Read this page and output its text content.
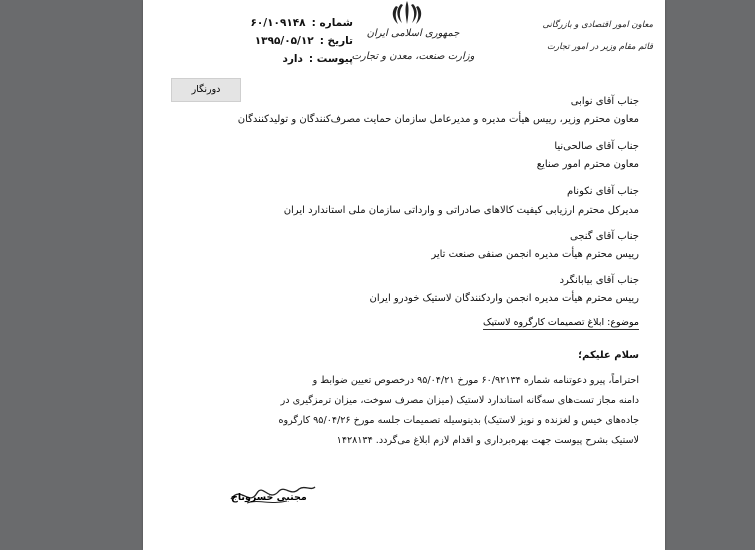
شماره :
۶۰/۱۰۹۱۴۸
تاریخ :
۱۳۹۵/۰۵/۱۲
پیوست :
دارد
جمهوری اسلامی ایران
وزارت صنعت، معدن و تجارت
معاون امور اقتصادی و بازرگانی
قائم مقام وزیر در امور تجارت
دورنگار
جناب آقای نوابی
معاون محترم وزیر، رییس هیأت مدیره و مدیرعامل سازمان حمایت مصرف‌کنندگان و تولیدکنندگان
جناب آقای صالحی‌نیا
معاون محترم امور صنایع
جناب آقای نکونام
مدیرکل محترم ارزیابی کیفیت کالاهای صادراتی و وارداتی سازمان ملی استاندارد ایران
جناب آقای گنجی
رییس محترم هیأت مدیره انجمن صنفی صنعت تایر
جناب آقای بیابانگرد
رییس محترم هیأت مدیره انجمن واردکنندگان لاستیک خودرو ایران
موضوع: ابلاغ تصمیمات کارگروه لاستیک
سلام علیکم؛

احتراماً، پیرو دعوتنامه شماره ۶۰/۹۲۱۳۴ مورخ ۹۵/۰۴/۲۱ درخصوص تعیین ضوابط و

دامنه مجاز تست‌های سه‌گانه استاندارد لاستیک (میزان مصرف سوخت، میزان ترمزگیری در

جاده‌های خیس و لغزنده و نویز لاستیک) بدینوسیله تصمیمات جلسه مورخ ۹۵/۰۴/۲۶ کارگروه

لاستیک بشرح پیوست جهت بهره‌برداری و اقدام لازم ابلاغ می‌گردد. ۱۴۲۸۱۳۴

مجتبی خسروتاج
